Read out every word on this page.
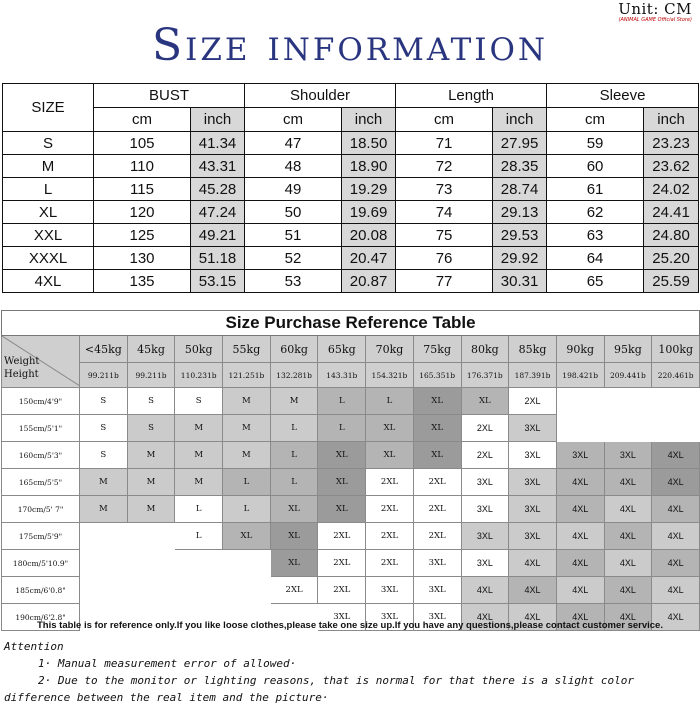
Unit: CM
(ANIMAL GAME Official Store)
Size information
SIZE	BUST		Shoulder		Length		Sleeve	
	cm	inch	cm	inch	cm	inch	cm	inch
S	105	41.34	47	18.50	71	27.95	59	23.23
M	110	43.31	48	18.90	72	28.35	60	23.62
L	115	45.28	49	19.29	73	28.74	61	24.02
XL	120	47.24	50	19.69	74	29.13	62	24.41
XXL	125	49.21	51	20.08	75	29.53	63	24.80
XXXL	130	51.18	52	20.47	76	29.92	64	25.20
4XL	135	53.15	53	20.87	77	30.31	65	25.59
Size Purchase Reference Table													

Weight
Height	<45kg	45kg	50kg	55kg	60kg	65kg	70kg	75kg	80kg	85kg	90kg	95kg	100kg
	99.211b	99.211b	110.231b	121.251b	132.281b	143.31b	154.321b	165.351b	176.371b	187.391b	198.421b	209.441b	220.461b
150cm/4'9"	S	S	S	M	M	L	L	XL	XL	2XL			
155cm/5'1"	S	S	M	M	L	L	XL	XL	2XL	3XL			
160cm/5'3"	S	M	M	M	L	XL	XL	XL	2XL	3XL	3XL	3XL	4XL
165cm/5'5"	M	M	M	L	L	XL	2XL	2XL	3XL	3XL	4XL	4XL	4XL
170cm/5' 7"	M	M	L	L	XL	XL	2XL	2XL	3XL	3XL	4XL	4XL	4XL
175cm/5'9"			L	XL	XL	2XL	2XL	2XL	3XL	3XL	4XL	4XL	4XL
180cm/5'10.9"					XL	2XL	2XL	3XL	3XL	4XL	4XL	4XL	4XL
185cm/6'0.8"					2XL	2XL	3XL	3XL	4XL	4XL	4XL	4XL	4XL
190cm/6'2.8"						3XL	3XL	3XL	4XL	4XL	4XL	4XL	4XL
This table is for reference only.If you like loose clothes,please take one size up.If you have any questions,please contact customer service.
Attention
1· Manual measurement error of allowed·
2· Due to the monitor or lighting reasons, that is normal for that there is a slight color
difference between the real item and the picture·
